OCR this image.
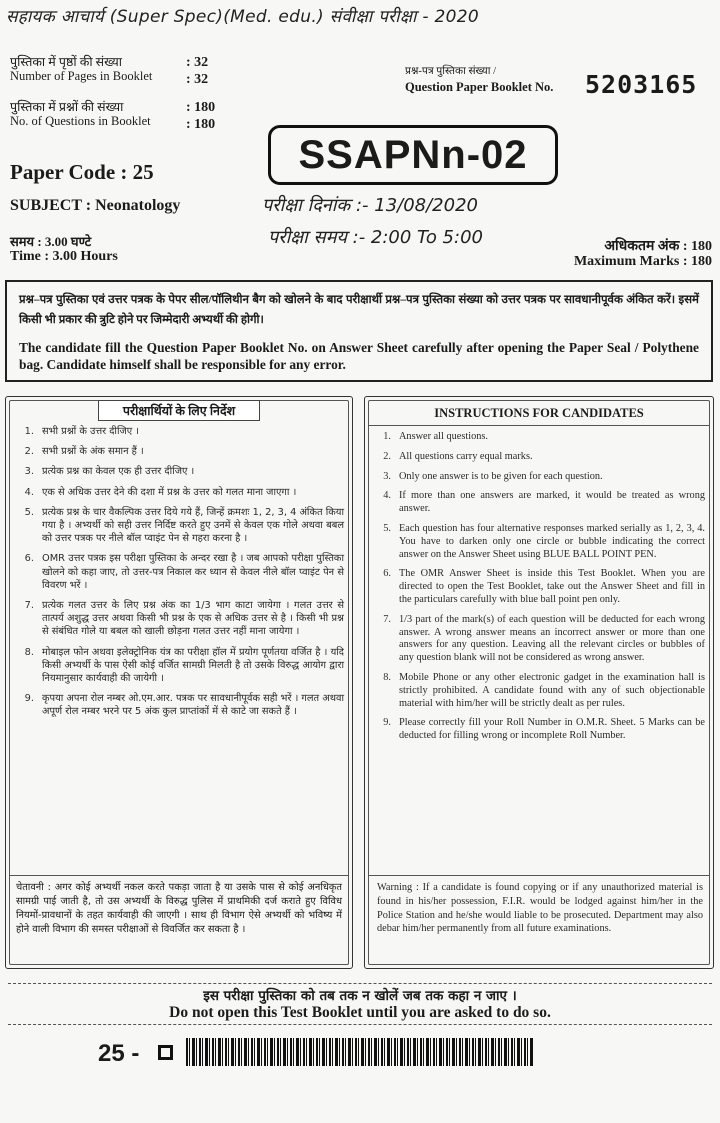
सहायक आचार्य (Super Spec)(Med. edu.) संवीक्षा परीक्षा - 2020
पुस्तिका में पृष्ठों की संख्या
Number of Pages in Booklet
: 32
: 32
पुस्तिका में प्रश्नों की संख्या
No. of Questions in Booklet
: 180
: 180
प्रश्न-पत्र पुस्तिका संख्या /
Question Paper Booklet No. 5203165
SSAPNn-02
Paper Code : 25
SUBJECT : Neonatology	परीक्षा दिनांक :- 13/08/2020
परीक्षा समय :- 2:00 To 5:00
समय : 3.00 घण्टे
Time : 3.00 Hours
अधिकतम अंक : 180
Maximum Marks : 180
प्रश्न–पत्र पुस्तिका एवं उत्तर पत्रक के पेपर सील/पॉलिथीन बैग को खोलने के बाद परीक्षार्थी प्रश्न–पत्र पुस्तिका संख्या को उत्तर पत्रक पर सावधानीपूर्वक अंकित करें। इसमें किसी भी प्रकार की त्रुटि होने पर जिम्मेदारी अभ्यर्थी की होगी।
The candidate fill the Question Paper Booklet No. on Answer Sheet carefully after opening the Paper Seal / Polythene bag. Candidate himself shall be responsible for any error.
परीक्षार्थियों के लिए निर्देश
1. सभी प्रश्नों के उत्तर दीजिए ।
2. सभी प्रश्नों के अंक समान हैं ।
3. प्रत्येक प्रश्न का केवल एक ही उत्तर दीजिए ।
4. एक से अधिक उत्तर देने की दशा में प्रश्न के उत्तर को गलत माना जाएगा ।
5. प्रत्येक प्रश्न के चार वैकल्पिक उत्तर दिये गये हैं, जिन्हें क्रमशः 1, 2, 3, 4 अंकित किया गया है । अभ्यर्थी को सही उत्तर निर्दिष्ट करते हुए उनमें से केवल एक गोले अथवा बबल को उत्तर पत्रक पर नीले बॉल प्वाइंट पेन से गहरा करना है ।
6. OMR उत्तर पत्रक इस परीक्षा पुस्तिका के अन्दर रखा है । जब आपको परीक्षा पुस्तिका खोलने को कहा जाए, तो उत्तर-पत्र निकाल कर ध्यान से केवल नीले बॉल प्वाइंट पेन से विवरण भरें ।
7. प्रत्येक गलत उत्तर के लिए प्रश्न अंक का 1/3 भाग काटा जायेगा । गलत उत्तर से तात्पर्य अशुद्ध उत्तर अथवा किसी भी प्रश्न के एक से अधिक उत्तर से है । किसी भी प्रश्न से संबंधित गोले या बबल को खाली छोड़ना गलत उत्तर नहीं माना जायेगा ।
8. मोबाइल फोन अथवा इलेक्ट्रोनिक यंत्र का परीक्षा हॉल में प्रयोग पूर्णतया वर्जित है । यदि किसी अभ्यर्थी के पास ऐसी कोई वर्जित सामग्री मिलती है तो उसके विरुद्ध आयोग द्वारा नियमानुसार कार्यवाही की जायेगी ।
9. कृपया अपना रोल नम्बर ओ.एम.आर. पत्रक पर सावधानीपूर्वक सही भरें । गलत अथवा अपूर्ण रोल नम्बर भरने पर 5 अंक कुल प्राप्तांकों में से काटे जा सकते हैं ।
चेतावनी : अगर कोई अभ्यर्थी नकल करते पकड़ा जाता है या उसके पास से कोई अनधिकृत सामग्री पाई जाती है, तो उस अभ्यर्थी के विरुद्ध पुलिस में प्राथमिकी दर्ज कराते हुए विविध नियमों-प्रावधानों के तहत कार्यवाही की जाएगी । साथ ही विभाग ऐसे अभ्यर्थी को भविष्य में होने वाली विभाग की समस्त परीक्षाओं से विवर्जित कर सकता है ।
INSTRUCTIONS FOR CANDIDATES
1. Answer all questions.
2. All questions carry equal marks.
3. Only one answer is to be given for each question.
4. If more than one answers are marked, it would be treated as wrong answer.
5. Each question has four alternative responses marked serially as 1, 2, 3, 4. You have to darken only one circle or bubble indicating the correct answer on the Answer Sheet using BLUE BALL POINT PEN.
6. The OMR Answer Sheet is inside this Test Booklet. When you are directed to open the Test Booklet, take out the Answer Sheet and fill in the particulars carefully with blue ball point pen only.
7. 1/3 part of the mark(s) of each question will be deducted for each wrong answer. A wrong answer means an incorrect answer or more than one answers for any question. Leaving all the relevant circles or bubbles of any question blank will not be considered as wrong answer.
8. Mobile Phone or any other electronic gadget in the examination hall is strictly prohibited. A candidate found with any of such objectionable material with him/her will be strictly dealt as per rules.
9. Please correctly fill your Roll Number in O.M.R. Sheet. 5 Marks can be deducted for filling wrong or incomplete Roll Number.
Warning : If a candidate is found copying or if any unauthorized material is found in his/her possession, F.I.R. would be lodged against him/her in the Police Station and he/she would liable to be prosecuted. Department may also debar him/her permanently from all future examinations.
इस परीक्षा पुस्तिका को तब तक न खोलें जब तक कहा न जाए ।
Do not open this Test Booklet until you are asked to do so.
25 -
